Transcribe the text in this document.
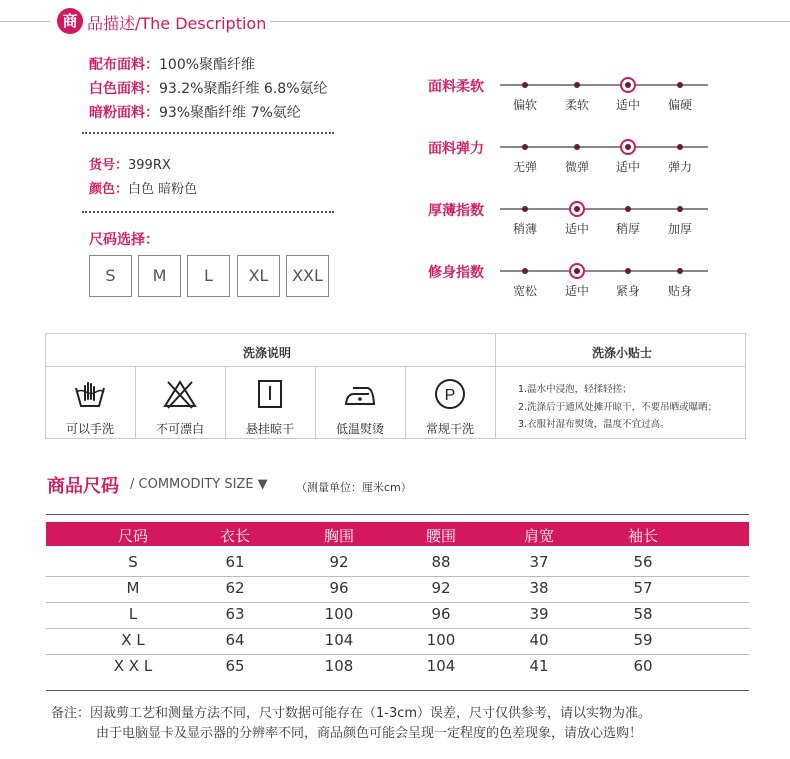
商 品描述/The Description
配布面料：100%聚酯纤维
白色面料：93.2%聚酯纤维 6.8%氨纶
暗粉面料：93%聚酯纤维 7%氨纶
货号：399RX
颜色：白色 暗粉色
尺码选择：
S	M	L	XL	XXL
面料柔软
偏软	柔软	适中	偏硬
面料弹力
无弹	微弹	适中	弹力
厚薄指数
稍薄	适中	稍厚	加厚
修身指数
宽松	适中	紧身	贴身
洗涤说明	洗涤小贴士
可以手洗	不可漂白	悬挂晾干	低温熨烫
P
常规干洗
1.温水中浸泡，轻揉轻搓；
2.洗涤后于通风处摊开晾干，不要吊晒或曝晒；
3.衣服衬湿布熨烫，温度不宜过高。
商品尺码 / COMMODITY SIZE ▼	（测量单位：厘米cm）
尺码	衣长	胸围	腰围	肩宽	袖长
S	61	92	88	37	56
M	62	96	92	38	57
L	63	100	96	39	58
X L	64	104	100	40	59
X X L	65	108	104	41	60
备注：因裁剪工艺和测量方法不同，尺寸数据可能存在（1-3cm）误差，尺寸仅供参考，请以实物为准。
由于电脑显卡及显示器的分辨率不同，商品颜色可能会呈现一定程度的色差现象，请放心选购！
